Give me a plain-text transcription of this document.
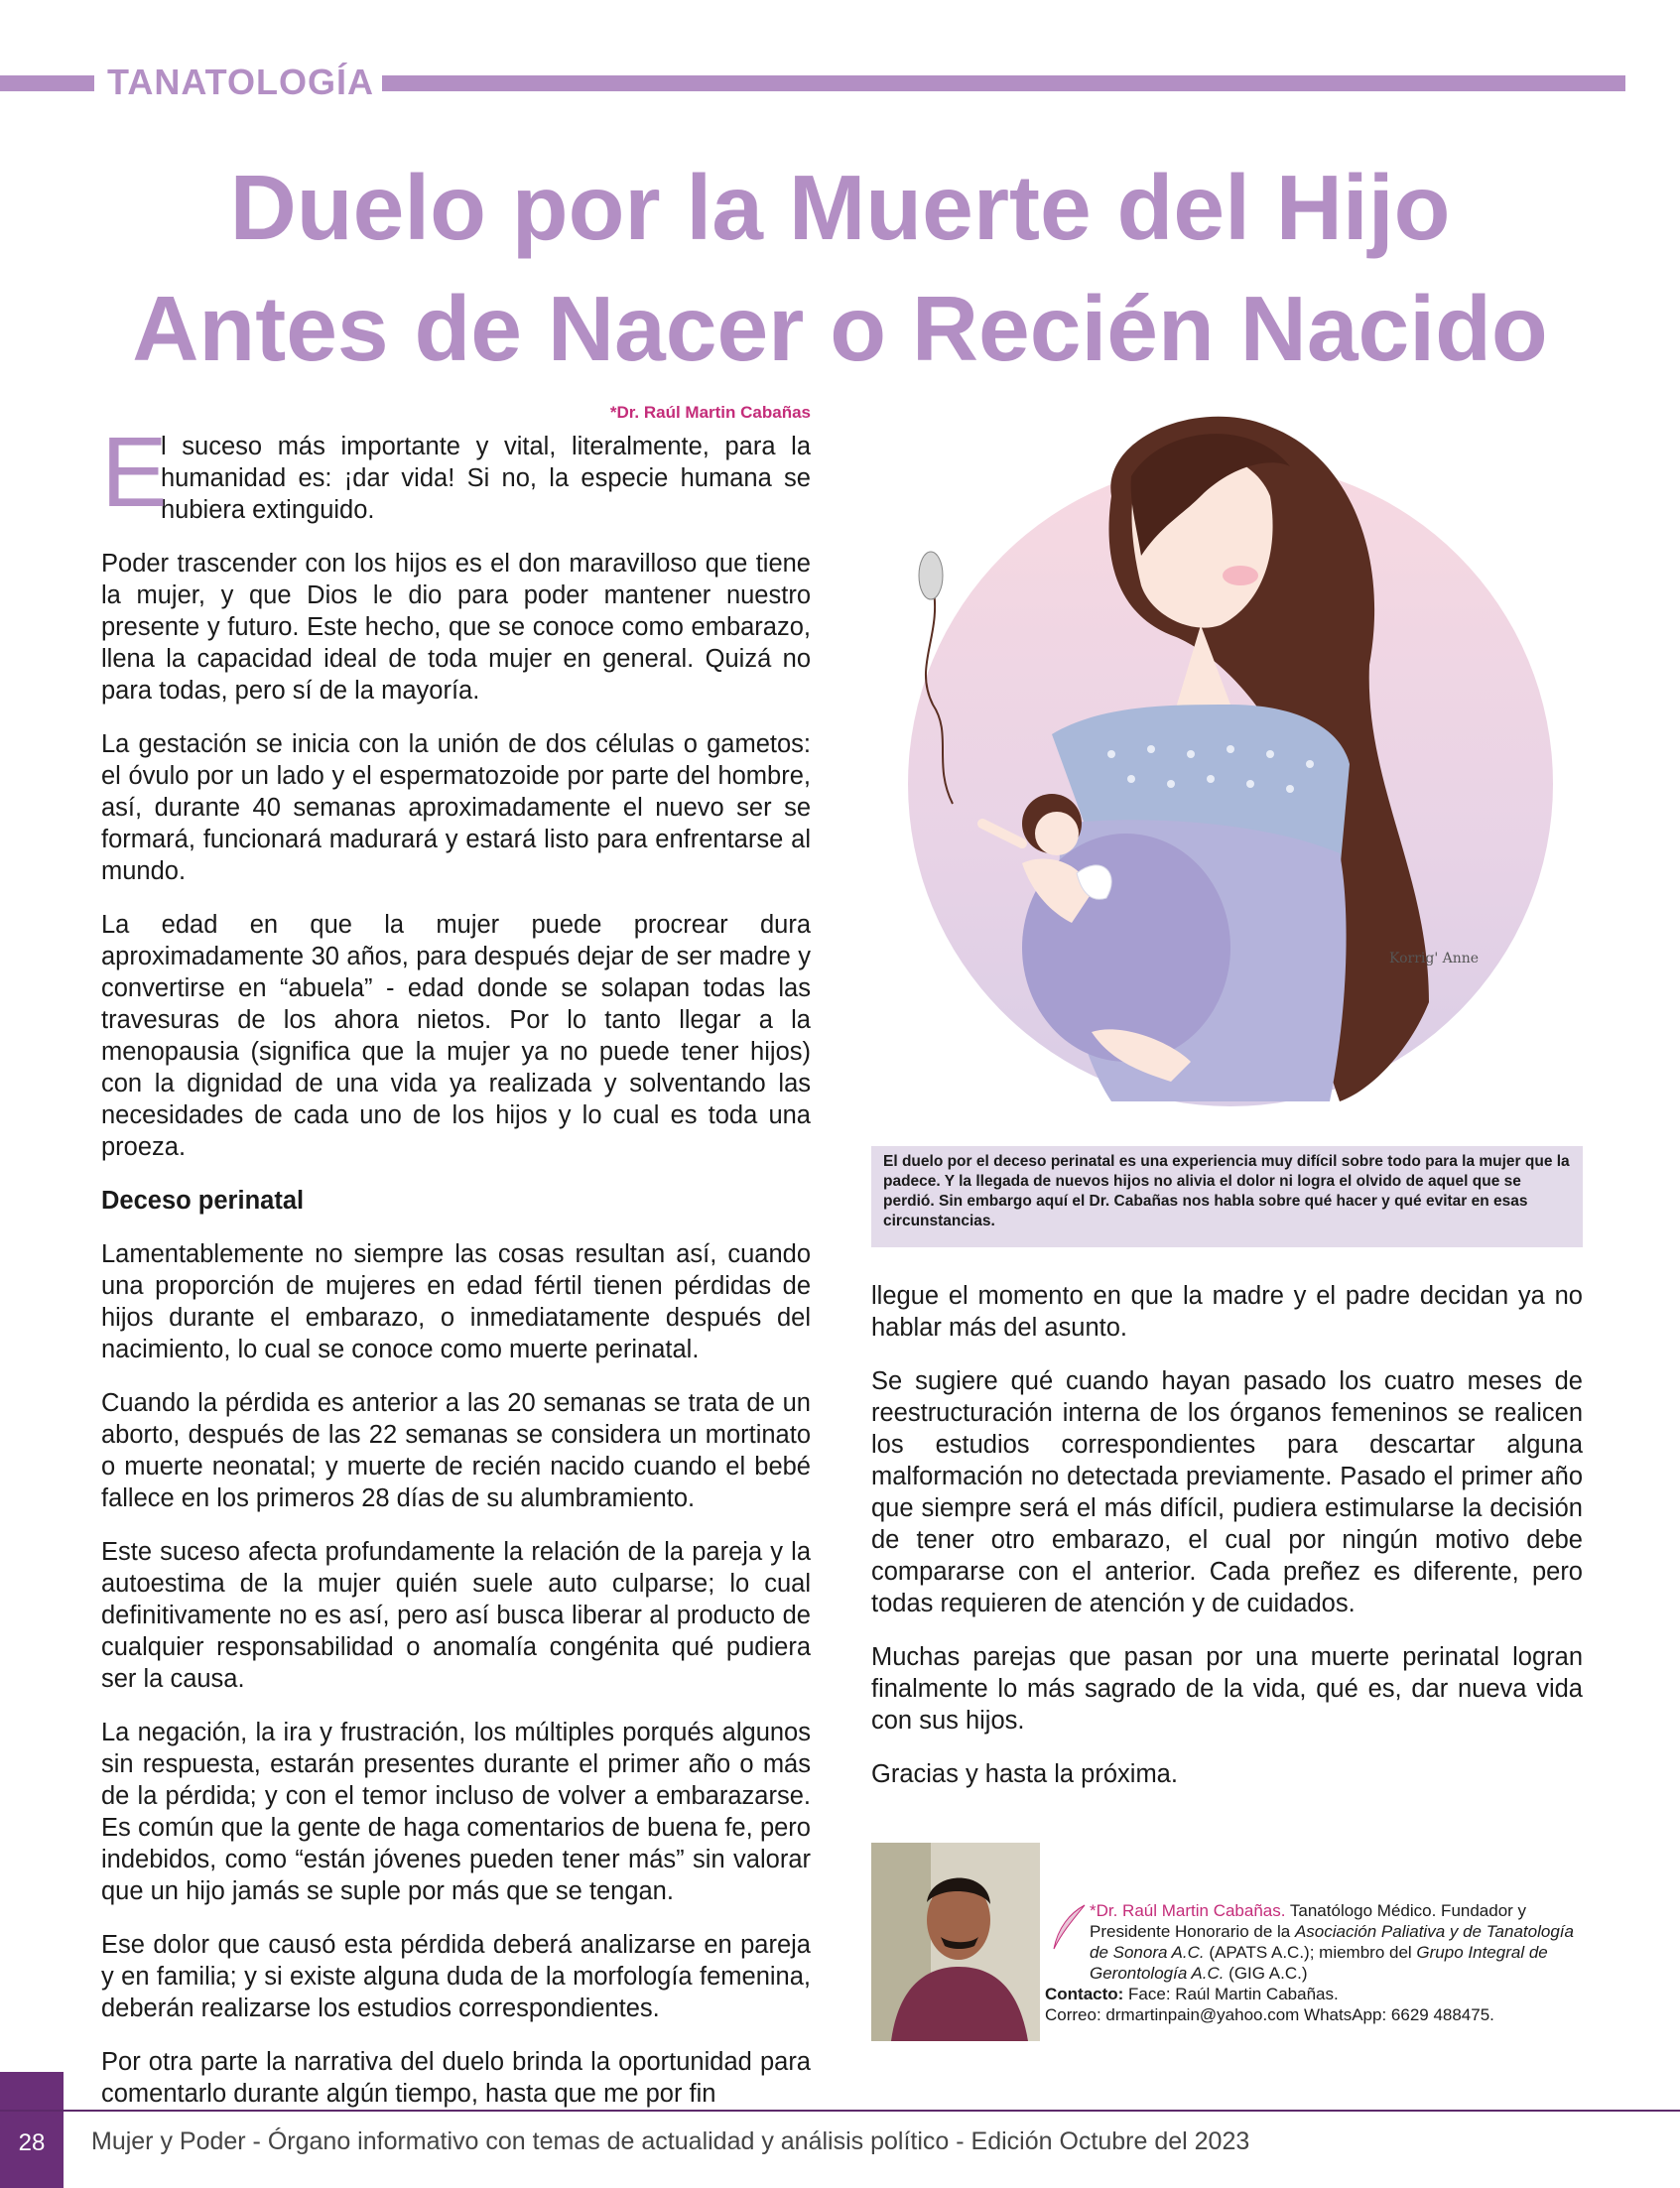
TANATOLOGÍA
Duelo por la Muerte del Hijo
Antes de Nacer o Recién Nacido
*Dr. Raúl Martin Cabañas

E
l suceso más importante y vital, literalmente, para la humanidad es: ¡dar vida! Si no, la especie humana se hubiera extinguido.

Poder trascender con los hijos es el don maravilloso que tiene la mujer, y que Dios le dio para poder mantener nuestro presente y futuro. Este hecho, que se conoce como embarazo, llena la capacidad ideal de toda mujer en general. Quizá no para todas, pero sí de la mayoría.

La gestación se inicia con la unión de dos células o gametos: el óvulo por un lado y el espermatozoide por parte del hombre, así, durante 40 semanas aproximadamente el nuevo ser se formará, funcionará madurará y estará listo para enfrentarse al mundo.

La edad en que la mujer puede procrear dura aproximadamente 30 años, para después dejar de ser madre y convertirse en “abuela” - edad donde se solapan todas las travesuras de los ahora nietos. Por lo tanto llegar a la menopausia (significa que la mujer ya no puede tener hijos) con la dignidad de una vida ya realizada y solventando las necesidades de cada uno de los hijos y lo cual es toda una proeza.

Deceso perinatal

Lamentablemente no siempre las cosas resultan así, cuando una proporción de mujeres en edad fértil tienen pérdidas de hijos durante el embarazo, o inmediatamente después del nacimiento, lo cual se conoce como muerte perinatal.

Cuando la pérdida es anterior a las 20 semanas se trata de un aborto, después de las 22 semanas se considera un mortinato o muerte neonatal; y muerte de recién nacido cuando el bebé fallece en los primeros 28 días de su alumbramiento.

Este suceso afecta profundamente la relación de la pareja y la autoestima de la mujer quién suele auto culparse; lo cual definitivamente no es así, pero así busca liberar al producto de cualquier responsabilidad o anomalía congénita qué pudiera ser la causa.

La negación, la ira y frustración, los múltiples porqués algunos sin respuesta, estarán presentes durante el primer año o más de la pérdida; y con el temor incluso de volver a embarazarse. Es común que la gente de haga comentarios de buena fe, pero indebidos, como “están jóvenes pueden tener más” sin valorar que un hijo jamás se suple por más que se tengan.

Ese dolor que causó esta pérdida deberá analizarse en pareja y en familia; y si existe alguna duda de la morfología femenina, deberán realizarse los estudios correspondientes.

Por otra parte la narrativa del duelo brinda la oportunidad para comentarlo durante algún tiempo, hasta que me por fin

Korrig' Anne
El duelo por el deceso perinatal es una experiencia muy difícil sobre todo para la mujer que la padece. Y la llegada de nuevos hijos no alivia el dolor ni logra el olvido de aquel que se perdió. Sin embargo aquí el Dr. Cabañas nos habla sobre qué hacer y qué evitar en esas circunstancias.

llegue el momento en que la madre y el padre decidan ya no hablar más del asunto.

Se sugiere qué cuando hayan pasado los cuatro meses de reestructuración interna de los órganos femeninos se realicen los estudios correspondientes para descartar alguna malformación no detectada previamente. Pasado el primer año que siempre será el más difícil, pudiera estimularse la decisión de tener otro embarazo, el cual por ningún motivo debe compararse con el anterior. Cada preñez es diferente, pero todas requieren de atención y de cuidados.

Muchas parejas que pasan por una muerte perinatal logran finalmente lo más sagrado de la vida, qué es, dar nueva vida con sus hijos.

Gracias y hasta la próxima.

*Dr. Raúl Martin Cabañas. Tanatólogo Médico. Fundador y Presidente Honorario de la Asociación Paliativa y de Tanatología de Sonora A.C. (APATS A.C.); miembro del Grupo Integral de Gerontología A.C. (GIG A.C.)
Contacto: Face: Raúl Martin Cabañas.
Correo: drmartinpain@yahoo.com WhatsApp: 6629 488475.
28	Mujer y Poder - Órgano informativo con temas de actualidad y análisis político - Edición Octubre del 2023
